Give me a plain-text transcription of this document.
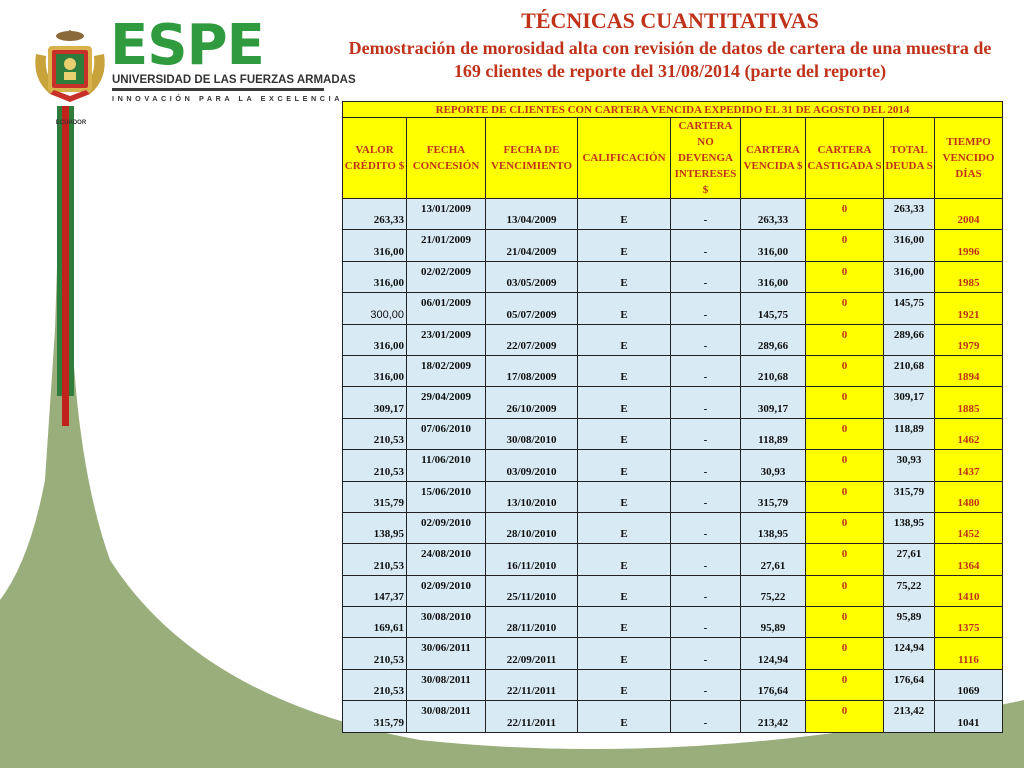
ECUADOR
ESPE
UNIVERSIDAD DE LAS FUERZAS ARMADAS
INNOVACIÓN PARA LA EXCELENCIA
TÉCNICAS CUANTITATIVAS
Demostración de morosidad alta con revisión de datos de cartera de una muestra de 169 clientes de reporte del 31/08/2014 (parte del reporte)
REPORTE DE CLIENTES CON CARTERA VENCIDA EXPEDIDO EL 31 DE AGOSTO DEL 2014								
VALOR CRÉDITO $	FECHA CONCESIÓN	FECHA DE VENCIMIENTO	CALIFICACIÓN	CARTERA NO DEVENGA INTERESES $	CARTERA VENCIDA $	CARTERA CASTIGADA S	TOTAL DEUDA S	TIEMPO VENCIDO DÍAS
263,33	13/01/2009	13/04/2009	E	-	263,33	0	263,33	2004
316,00	21/01/2009	21/04/2009	E	-	316,00	0	316,00	1996
316,00	02/02/2009	03/05/2009	E	-	316,00	0	316,00	1985
300,00	06/01/2009	05/07/2009	E	-	145,75	0	145,75	1921
316,00	23/01/2009	22/07/2009	E	-	289,66	0	289,66	1979
316,00	18/02/2009	17/08/2009	E	-	210,68	0	210,68	1894
309,17	29/04/2009	26/10/2009	E	-	309,17	0	309,17	1885
210,53	07/06/2010	30/08/2010	E	-	118,89	0	118,89	1462
210,53	11/06/2010	03/09/2010	E	-	30,93	0	30,93	1437
315,79	15/06/2010	13/10/2010	E	-	315,79	0	315,79	1480
138,95	02/09/2010	28/10/2010	E	-	138,95	0	138,95	1452
210,53	24/08/2010	16/11/2010	E	-	27,61	0	27,61	1364
147,37	02/09/2010	25/11/2010	E	-	75,22	0	75,22	1410
169,61	30/08/2010	28/11/2010	E	-	95,89	0	95,89	1375
210,53	30/06/2011	22/09/2011	E	-	124,94	0	124,94	1116
210,53	30/08/2011	22/11/2011	E	-	176,64	0	176,64	1069
315,79	30/08/2011	22/11/2011	E	-	213,42	0	213,42	1041
